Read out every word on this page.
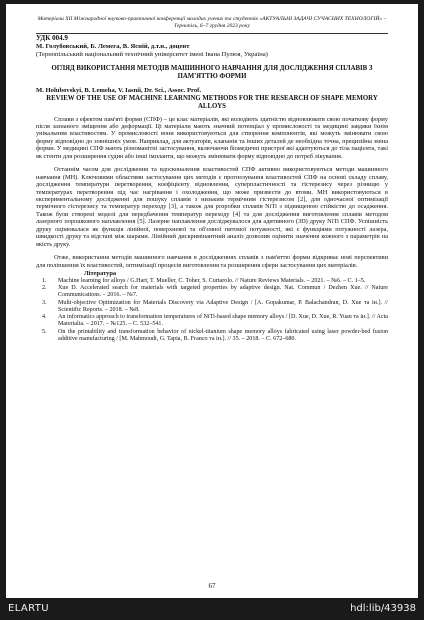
Матеріали XII Міжнародної науково-практичної конференції молодих учених та студентів «АКТУАЛЬНІ ЗАДАЧІ СУЧАСНИХ ТЕХНОЛОГІЙ» – Тернопіль, 6–7 грудня 2023 року
УДК 004.9
М. Голубовський, Б. Лемега, В. Ясній, д.т.н., доцент
(Тернопільський національний технічний університет імені Івана Пулюя, Україна)
ОГЛЯД ВИКОРИСТАННЯ МЕТОДІВ МАШИННОГО НАВЧАННЯ ДЛЯ ДОСЛІДЖЕННЯ СПЛАВІВ З ПАМ'ЯТТЮ ФОРМИ
M. Holubovskyi, B. Lemeha, V. Iasnii, Dr. Sci., Assoc. Prof.
REVIEW OF THE USE OF MACHINE LEARNING METHODS FOR THE RESEARCH OF SHAPE MEMORY ALLOYS
Сплави з ефектом пам'яті форми (СПФ) – це клас матеріалів, які володіють здатністю відновлювати свою початкову форму після зазнаного зміщення або деформації. Ці матеріали мають значний потенціал у промисловості та медицині завдяки їхнім унікальним властивостям. У промисловості вони використовуються для створення компонентів, які можуть змінювати свою форму відповідно до зовнішніх умов. Наприклад, для актуаторів, клапанів та інших деталей де необхідна точна, прецизійна зміна форми. У медицині СПФ мають різноманітні застосування, включаючи біомедичні пристрої які адаптуються до тіла пацієнта, такі як стенти для розширення судин або інші імпланти, що можуть змінювати форму відповідно до потреб лікування.
Останнім часом для дослідження та вдосконалення властивостей СПФ активно використовуються методи машинного навчання (МН). Ключовими областями застосування цих методів є прогнозування властивостей СПФ на основі складу сплаву, дослідження температури перетворення, коефіцієнту відновлення, суперпластичності та гістерезису через різницю у температурах перетворення під час нагрівання і охолодження, що може призвести до втоми. МН використовуються в експериментальному дослідженні для пошуку сплавів з низьким термічним гістерезисом [2], для одночасної оптимізації термічного гістерезису та температур переходу [3], а також для розробки сплавів NiTi з підвищеною стійкістю до осадження. Також були створені моделі для передбачення температур переходу [4] та для дослідження виготовлення сплавів методом лазерного порошкового наплавлення [5]. Лазерне наплавлення досліджувалося для адитивного (3D) друку NiTi СПФ. Успішність друку оцінювалася як функція лінійної, поверхневої та об'ємної питомої потужності, які є функціями потужності лазера, швидкості друку та відстані між шарами. Лінійний дискримінантний аналіз дозволив оцінити значення кожного з параметрів на якість друку.
Отже, використання методів машинного навчання в дослідженнях сплавів з пам'яттю форми відкриває нові перспективи для поліпшення їх властивостей, оптимізації процесів виготовлення та розширення сфери застосування цих матеріалів.
Література
1. Machine learning for alloys / G.Hart, T. Mueller, C. Toher, S. Curtarolo. // Nature Reviews Materials. – 2021. – №6. – С. 1–5.
2. Xue D. Accelerated search for materials with targeted properties by adaptive design. Nat. Commun / Dezhen Xue. // Nature Communications. – 2016. – №7.
3. Multi-objective Optimization for Materials Discovery via Adaptive Design / [A. Gopakumar, P. Balachandran, D. Xue та ін.]. // Scientific Reports. – 2018. – №8.
4. An informatics approach to transformation temperatures of NiTi-based shape memory alloys / [D. Xue, D. Xue, R. Yuan та ін.]. // Acta Materialia. – 2017. – №125. – С. 532–541.
5. On the printability and transformation behavior of nickel-titanium shape memory alloys fabricated using laser powder-bed fusion additive manufacturing / [M. Mahmoudi, G. Tapia, B. Franco та ін.]. // 35. – 2018. – С. 672–680.
67
ELARTU	hdl:lib/43938
